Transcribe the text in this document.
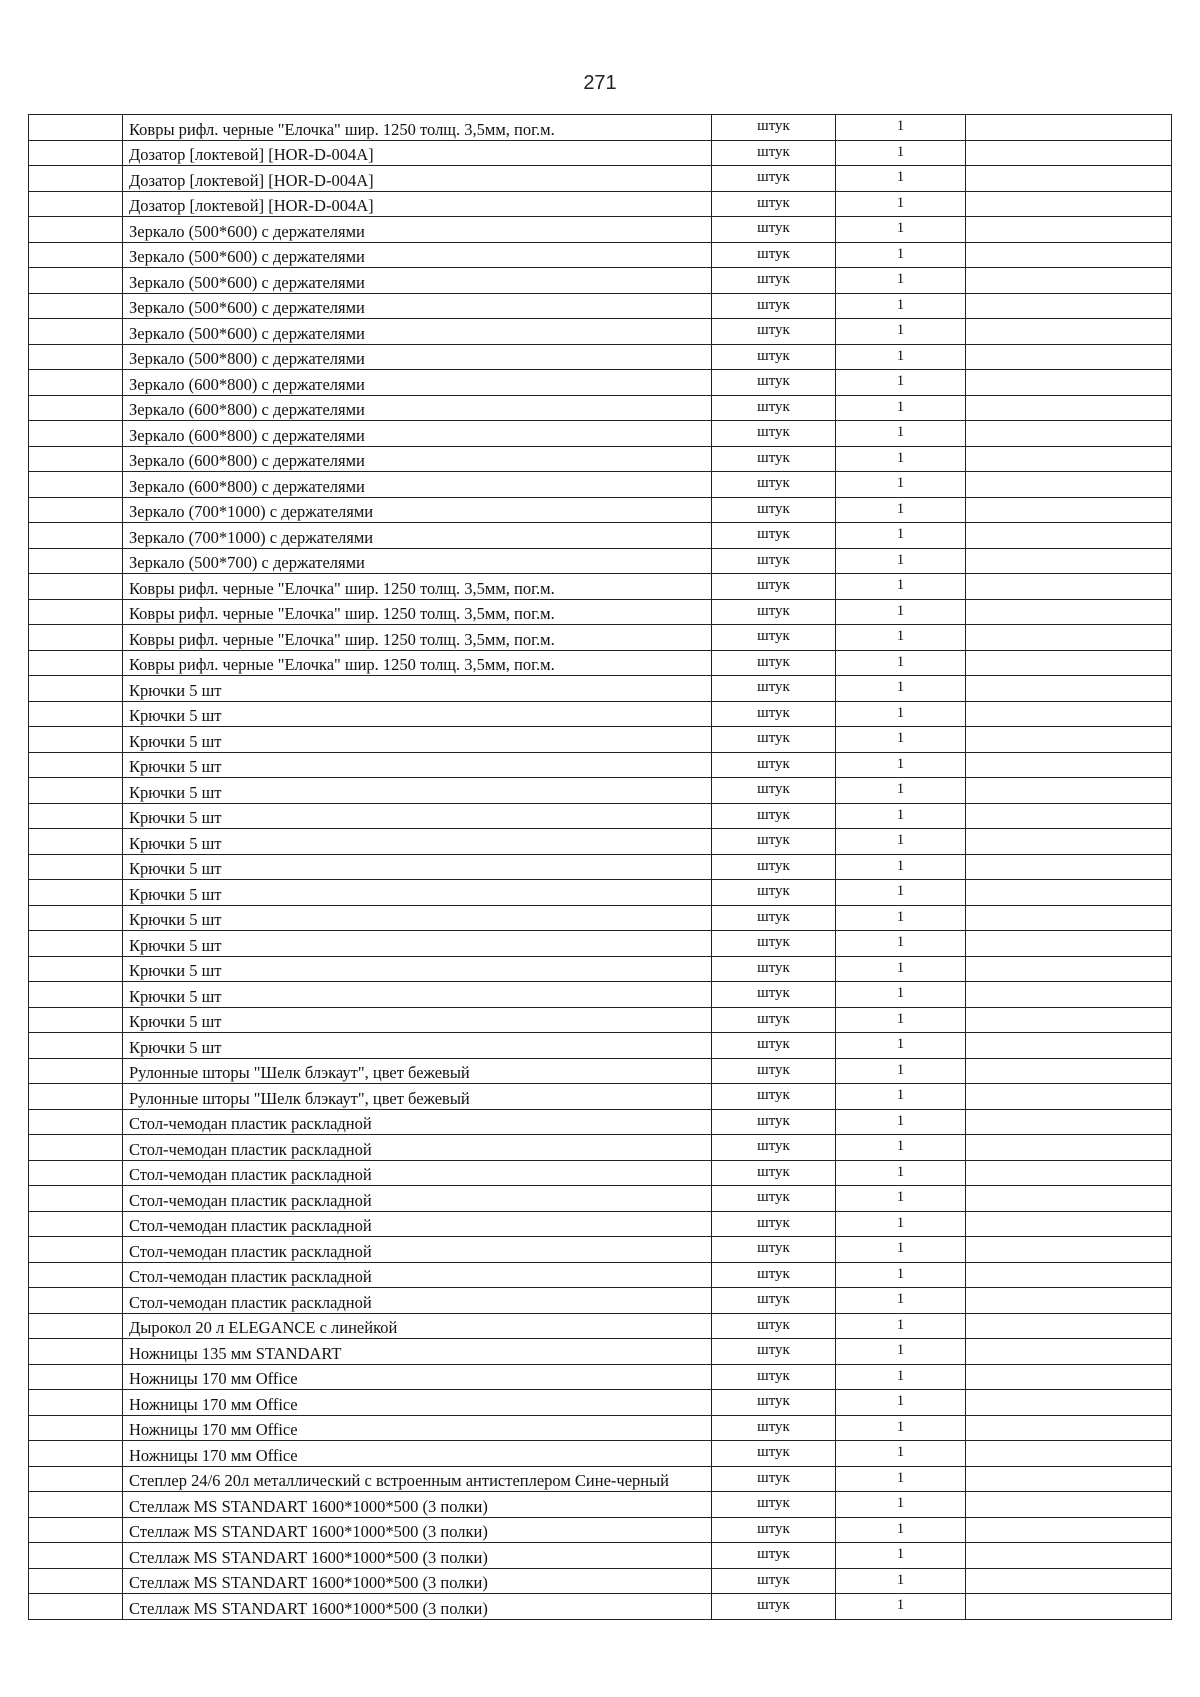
271
	Ковры рифл. черные "Елочка" шир. 1250 толщ. 3,5мм, пог.м.	штук	1	
	Дозатор [локтевой] [HOR-D-004A]	штук	1	
	Дозатор [локтевой] [HOR-D-004A]	штук	1	
	Дозатор [локтевой] [HOR-D-004A]	штук	1	
	Зеркало (500*600) с держателями	штук	1	
	Зеркало (500*600) с держателями	штук	1	
	Зеркало (500*600) с держателями	штук	1	
	Зеркало (500*600) с держателями	штук	1	
	Зеркало (500*600) с держателями	штук	1	
	Зеркало (500*800) с держателями	штук	1	
	Зеркало (600*800) с держателями	штук	1	
	Зеркало (600*800) с держателями	штук	1	
	Зеркало (600*800) с держателями	штук	1	
	Зеркало (600*800) с держателями	штук	1	
	Зеркало (600*800) с держателями	штук	1	
	Зеркало (700*1000) с держателями	штук	1	
	Зеркало (700*1000) с держателями	штук	1	
	Зеркало (500*700) с держателями	штук	1	
	Ковры рифл. черные "Елочка" шир. 1250 толщ. 3,5мм, пог.м.	штук	1	
	Ковры рифл. черные "Елочка" шир. 1250 толщ. 3,5мм, пог.м.	штук	1	
	Ковры рифл. черные "Елочка" шир. 1250 толщ. 3,5мм, пог.м.	штук	1	
	Ковры рифл. черные "Елочка" шир. 1250 толщ. 3,5мм, пог.м.	штук	1	
	Крючки 5 шт	штук	1	
	Крючки 5 шт	штук	1	
	Крючки 5 шт	штук	1	
	Крючки 5 шт	штук	1	
	Крючки 5 шт	штук	1	
	Крючки 5 шт	штук	1	
	Крючки 5 шт	штук	1	
	Крючки 5 шт	штук	1	
	Крючки 5 шт	штук	1	
	Крючки 5 шт	штук	1	
	Крючки 5 шт	штук	1	
	Крючки 5 шт	штук	1	
	Крючки 5 шт	штук	1	
	Крючки 5 шт	штук	1	
	Крючки 5 шт	штук	1	
	Рулонные шторы "Шелк блэкаут", цвет бежевый	штук	1	
	Рулонные шторы "Шелк блэкаут", цвет бежевый	штук	1	
	Стол-чемодан пластик раскладной	штук	1	
	Стол-чемодан пластик раскладной	штук	1	
	Стол-чемодан пластик раскладной	штук	1	
	Стол-чемодан пластик раскладной	штук	1	
	Стол-чемодан пластик раскладной	штук	1	
	Стол-чемодан пластик раскладной	штук	1	
	Стол-чемодан пластик раскладной	штук	1	
	Стол-чемодан пластик раскладной	штук	1	
	Дырокол 20 л ELEGANCE с линейкой	штук	1	
	Ножницы 135 мм STANDART	штук	1	
	Ножницы 170 мм Office	штук	1	
	Ножницы 170 мм Office	штук	1	
	Ножницы 170 мм Office	штук	1	
	Ножницы 170 мм Office	штук	1	
	Степлер 24/6 20л металлический с встроенным антистеплером Сине-черный	штук	1	
	Стеллаж MS STANDART 1600*1000*500 (3 полки)	штук	1	
	Стеллаж MS STANDART 1600*1000*500 (3 полки)	штук	1	
	Стеллаж MS STANDART 1600*1000*500 (3 полки)	штук	1	
	Стеллаж MS STANDART 1600*1000*500 (3 полки)	штук	1	
	Стеллаж MS STANDART 1600*1000*500 (3 полки)	штук	1	
